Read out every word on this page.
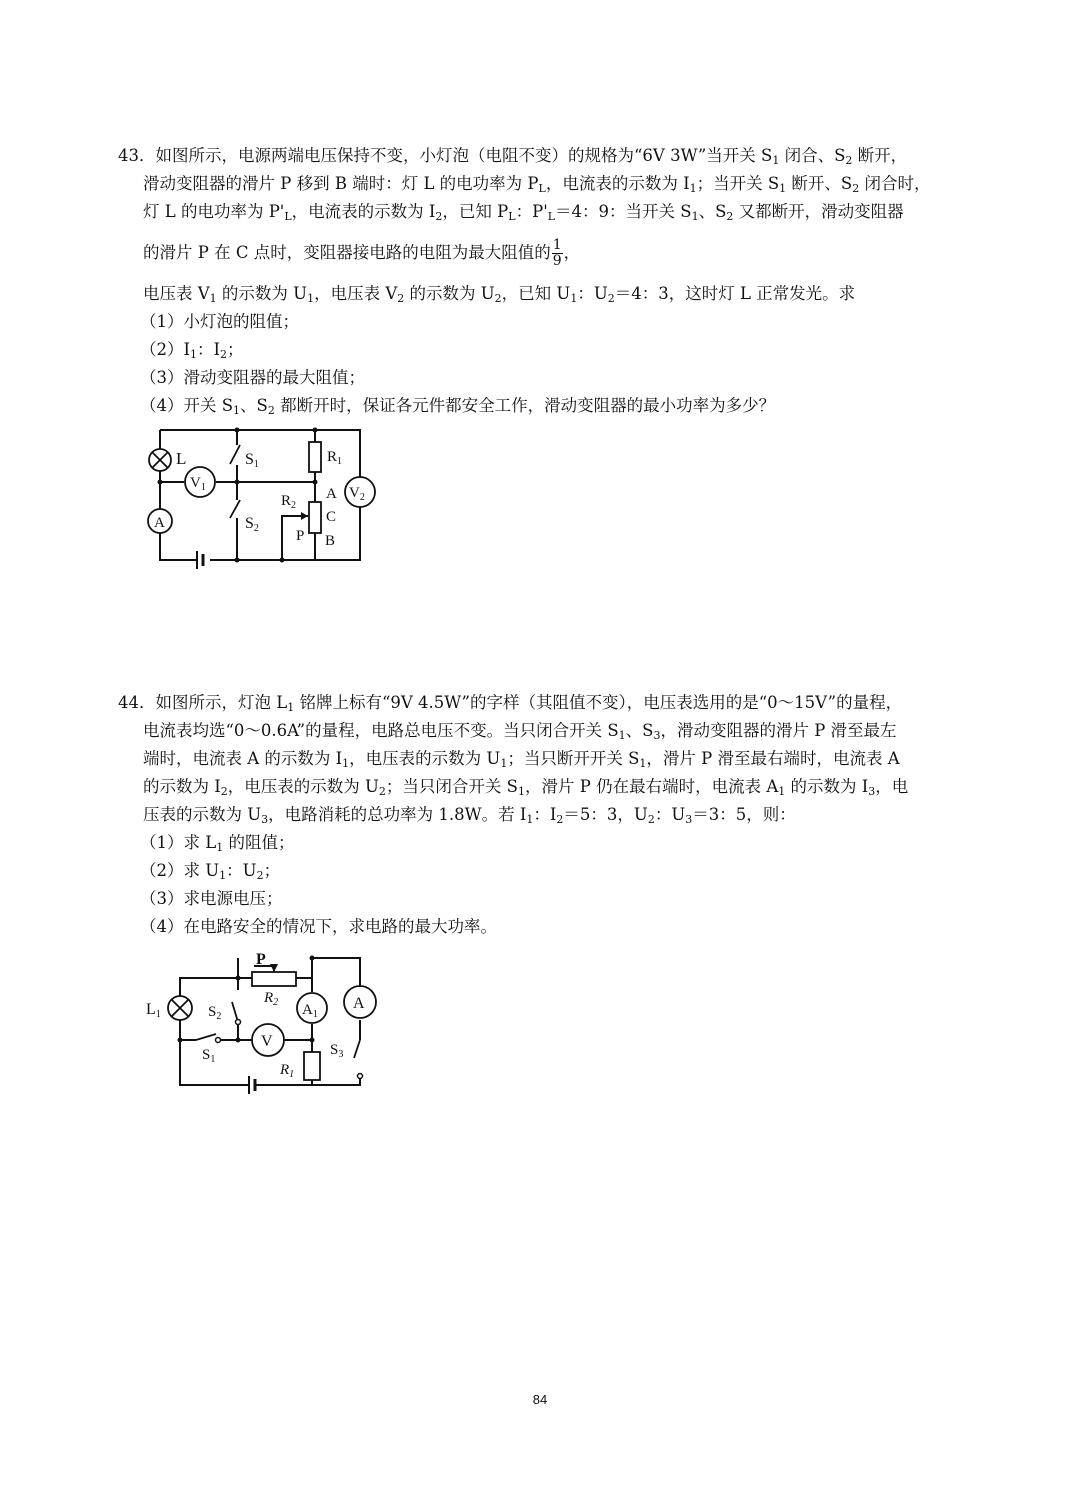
43．如图所示，电源两端电压保持不变，小灯泡（电阻不变）的规格为“6V 3W”当开关 $S_1$ 闭合、$S_2$ 断开，
滑动变阻器的滑片 P 移到 B 端时：灯 L 的电功率为 $P_L$，电流表的示数为 $I_1$；当开关 $S_1$ 断开、$S_2$ 闭合时，
灯 L 的电功率为 $P'_L$，电流表的示数为 $I_2$，已知 $P_L$：$P'_L=4$：9：当开关 $S_1$、$S_2$ 又都断开，滑动变阻器
的滑片 P 在 C 点时，变阻器接电路的电阻为最大阻值的 $\frac{1}{9}$ ，
电压表 $V_1$ 的示数为 $U_1$，电压表 $V_2$ 的示数为 $U_2$，已知 $U_1$：$U_2=4$：3，这时灯 L 正常发光。求
（1）小灯泡的阻值；
$(2)I_1$：$I_2$；
（3）滑动变阻器的最大阻值；
（4）开关 $S_1$、$S_2$ 都断开时，保证各元件都安全工作，滑动变阻器的最小功率为多少？
L
A
$V_1$
S1
S2
$R_1$
$R_2$
A
C
P B
$V_2$
44．如图所示，灯泡 $L_1$ 铭牌上标有“9V 4.5W”的字样（其阻值不变），电压表选用的是“0～15V”的量程，
电流表均选“0～0.6A”的量程，电路总电压不变。当只闭合开关 $S_1$、$S_3$，滑动变阻器的滑片 P 滑至最左
端时，电流表 A 的示数为 $I_1$，电压表的示数为 $U_1$；当只断开开关 $S_1$，滑片 P 滑至最右端时，电流表 A
的示数为 $I_2$，电压表的示数为 $U_2$；当只闭合开关 $S_1$，滑片 P 仍在最右端时，电流表 $A_1$ 的示数为 $I_3$，电
压表的示数为 $U_3$，电路消耗的总功率为 1.8W。若 $I_1$：$I_2=5$：3，$U_2$：$U_3=3$：5，则：
（1）求 $L_1$ 的阻值；
（2）求 $U_1$：$U_2$；
（3）求电源电压；
（4）在电路安全的情况下，求电路的最大功率。
L1	$S_2$
$S_1$
V
P
$R_2$ $A_1$
$R_1$
A
$S_3$
84
